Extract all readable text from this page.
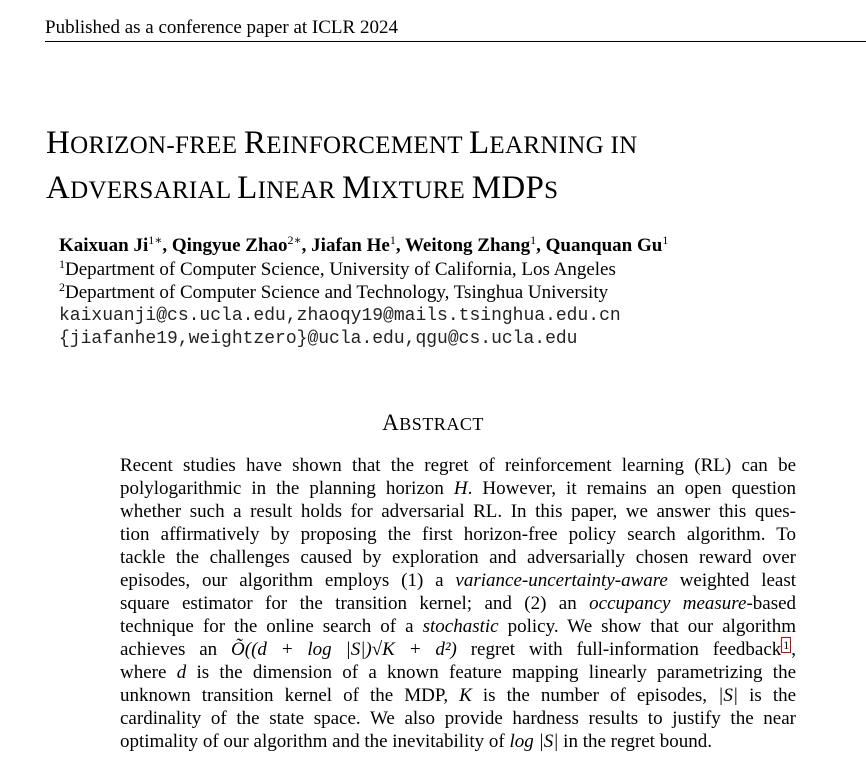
Published as a conference paper at ICLR 2024
HORIZON-FREE REINFORCEMENT LEARNING IN
ADVERSARIAL LINEAR MIXTURE MDPS
Kaixuan $Ji^{1∗}$, Qingyue Zhao$^{2∗}$, Jiafan He$^1$, Weitong Zhang$^1$, Quanquan Gu$^1$
$^1$Department of Computer Science, University of California, Los Angeles
$^2$Department of Computer Science and Technology, Tsinghua University
kaixuanji@cs.ucla.edu,zhaoqy19@mails.tsinghua.edu.cn
{jiafanhe19,weightzero}@ucla.edu,qgu@cs.ucla.edu
ABSTRACT
Recent studies have shown that the regret of reinforcement learning (RL) can be
polylogarithmic in the planning horizon H. However, it remains an open question
whether such a result holds for adversarial RL. In this paper, we answer this ques-
tion affirmatively by proposing the first horizon-free policy search algorithm. To
tackle the challenges caused by exploration and adversarially chosen reward over
episodes, our algorithm employs (1) a variance-uncertainty-aware weighted least
square estimator for the transition kernel; and (2) an occupancy measure-based
technique for the online search of a stochastic policy. We show that our algorithm
achieves an Õ((d + log |S|)√K + d²) regret with full-information feedback $^1$ ,
where d is the dimension of a known feature mapping linearly parametrizing the
unknown transition kernel of the MDP, K is the number of episodes, |S| is the
cardinality of the state space. We also provide hardness results to justify the near
optimality of our algorithm and the inevitability of log |S| in the regret bound.
